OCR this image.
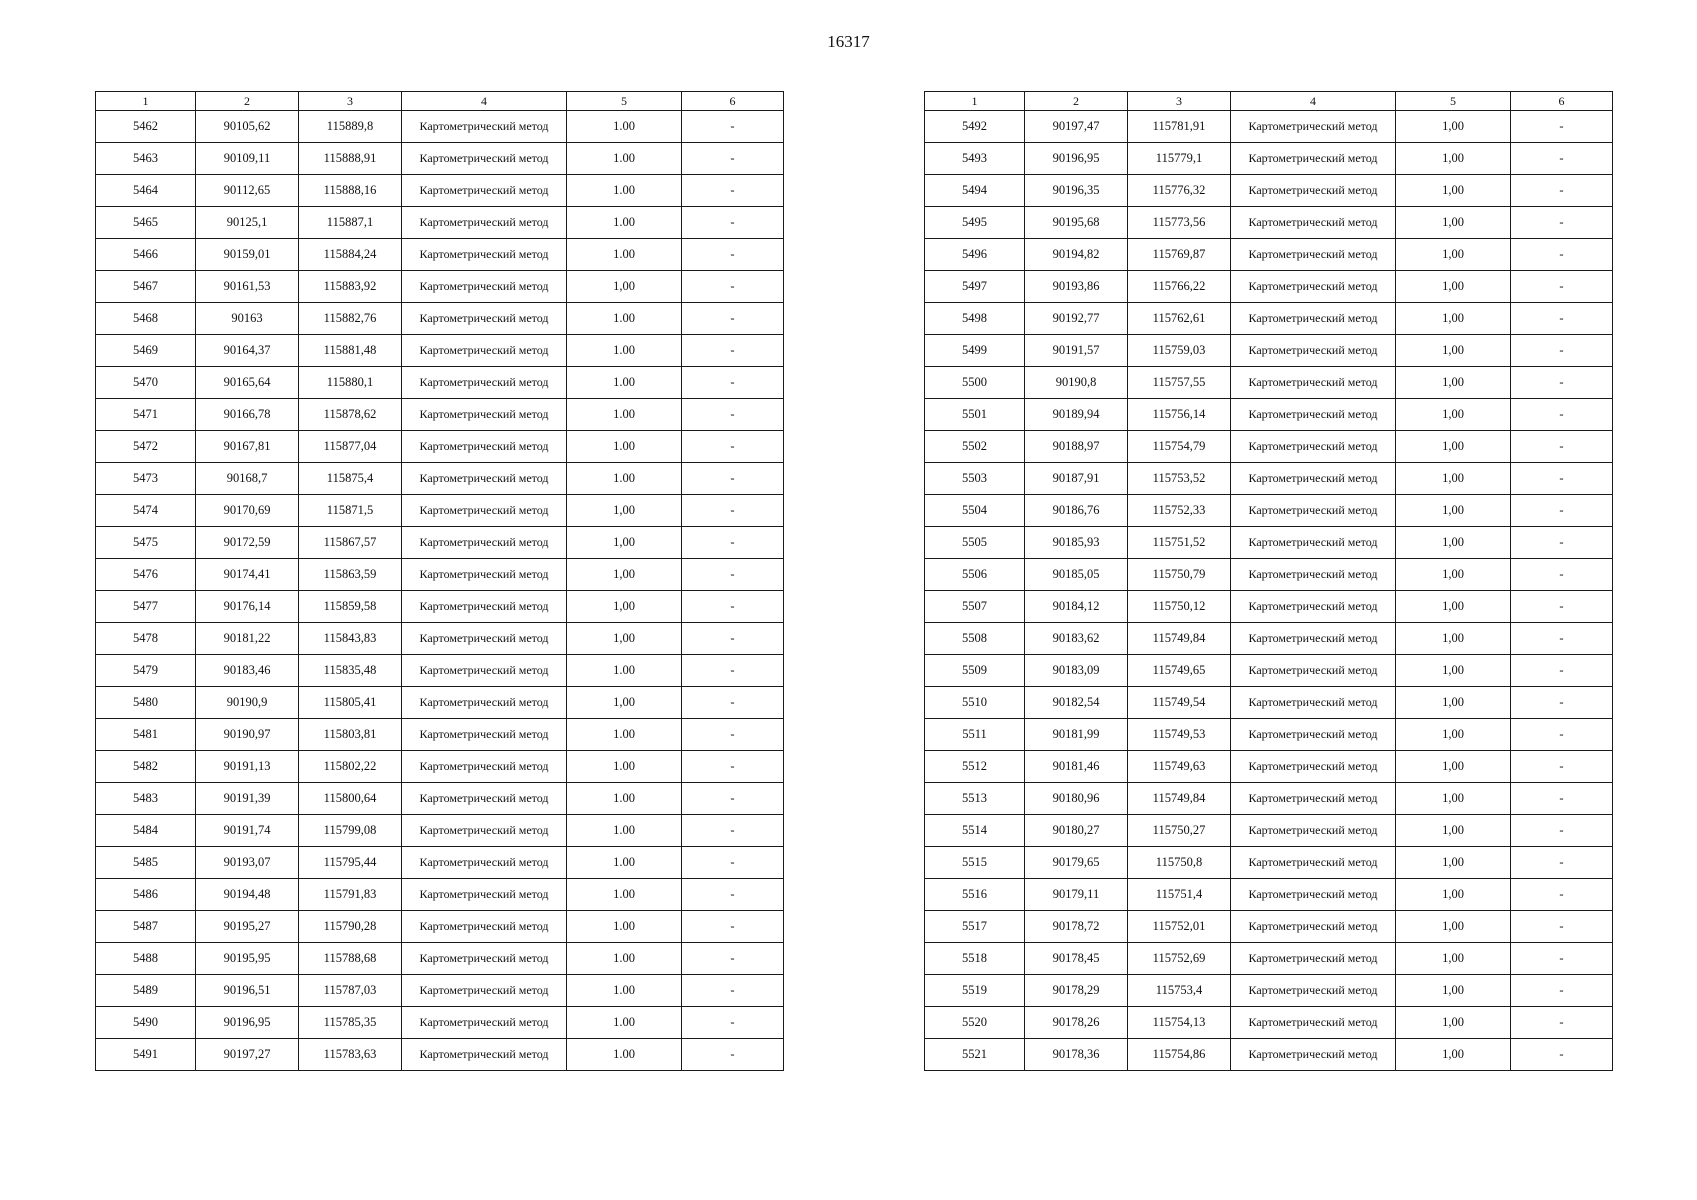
16317
1	2	3	4	5	6
5462	90105,62	115889,8	Картометрический метод	1.00	-
5463	90109,11	115888,91	Картометрический метод	1.00	-
5464	90112,65	115888,16	Картометрический метод	1.00	-
5465	90125,1	115887,1	Картометрический метод	1.00	-
5466	90159,01	115884,24	Картометрический метод	1.00	-
5467	90161,53	115883,92	Картометрический метод	1,00	-
5468	90163	115882,76	Картометрический метод	1.00	-
5469	90164,37	115881,48	Картометрический метод	1.00	-
5470	90165,64	115880,1	Картометрический метод	1.00	-
5471	90166,78	115878,62	Картометрический метод	1.00	-
5472	90167,81	115877,04	Картометрический метод	1.00	-
5473	90168,7	115875,4	Картометрический метод	1.00	-
5474	90170,69	115871,5	Картометрический метод	1,00	-
5475	90172,59	115867,57	Картометрический метод	1,00	-
5476	90174,41	115863,59	Картометрический метод	1,00	-
5477	90176,14	115859,58	Картометрический метод	1,00	-
5478	90181,22	115843,83	Картометрический метод	1,00	-
5479	90183,46	115835,48	Картометрический метод	1.00	-
5480	90190,9	115805,41	Картометрический метод	1,00	-
5481	90190,97	115803,81	Картометрический метод	1.00	-
5482	90191,13	115802,22	Картометрический метод	1.00	-
5483	90191,39	115800,64	Картометрический метод	1.00	-
5484	90191,74	115799,08	Картометрический метод	1.00	-
5485	90193,07	115795,44	Картометрический метод	1.00	-
5486	90194,48	115791,83	Картометрический метод	1.00	-
5487	90195,27	115790,28	Картометрический метод	1.00	-
5488	90195,95	115788,68	Картометрический метод	1.00	-
5489	90196,51	115787,03	Картометрический метод	1.00	-
5490	90196,95	115785,35	Картометрический метод	1.00	-
5491	90197,27	115783,63	Картометрический метод	1.00	-
1	2	3	4	5	6
5492	90197,47	115781,91	Картометрический метод	1,00	-
5493	90196,95	115779,1	Картометрический метод	1,00	-
5494	90196,35	115776,32	Картометрический метод	1,00	-
5495	90195,68	115773,56	Картометрический метод	1,00	-
5496	90194,82	115769,87	Картометрический метод	1,00	-
5497	90193,86	115766,22	Картометрический метод	1,00	-
5498	90192,77	115762,61	Картометрический метод	1,00	-
5499	90191,57	115759,03	Картометрический метод	1,00	-
5500	90190,8	115757,55	Картометрический метод	1,00	-
5501	90189,94	115756,14	Картометрический метод	1,00	-
5502	90188,97	115754,79	Картометрический метод	1,00	-
5503	90187,91	115753,52	Картометрический метод	1,00	-
5504	90186,76	115752,33	Картометрический метод	1,00	-
5505	90185,93	115751,52	Картометрический метод	1,00	-
5506	90185,05	115750,79	Картометрический метод	1,00	-
5507	90184,12	115750,12	Картометрический метод	1,00	-
5508	90183,62	115749,84	Картометрический метод	1,00	-
5509	90183,09	115749,65	Картометрический метод	1,00	-
5510	90182,54	115749,54	Картометрический метод	1,00	-
5511	90181,99	115749,53	Картометрический метод	1,00	-
5512	90181,46	115749,63	Картометрический метод	1,00	-
5513	90180,96	115749,84	Картометрический метод	1,00	-
5514	90180,27	115750,27	Картометрический метод	1,00	-
5515	90179,65	115750,8	Картометрический метод	1,00	-
5516	90179,11	115751,4	Картометрический метод	1,00	-
5517	90178,72	115752,01	Картометрический метод	1,00	-
5518	90178,45	115752,69	Картометрический метод	1,00	-
5519	90178,29	115753,4	Картометрический метод	1,00	-
5520	90178,26	115754,13	Картометрический метод	1,00	-
5521	90178,36	115754,86	Картометрический метод	1,00	-
